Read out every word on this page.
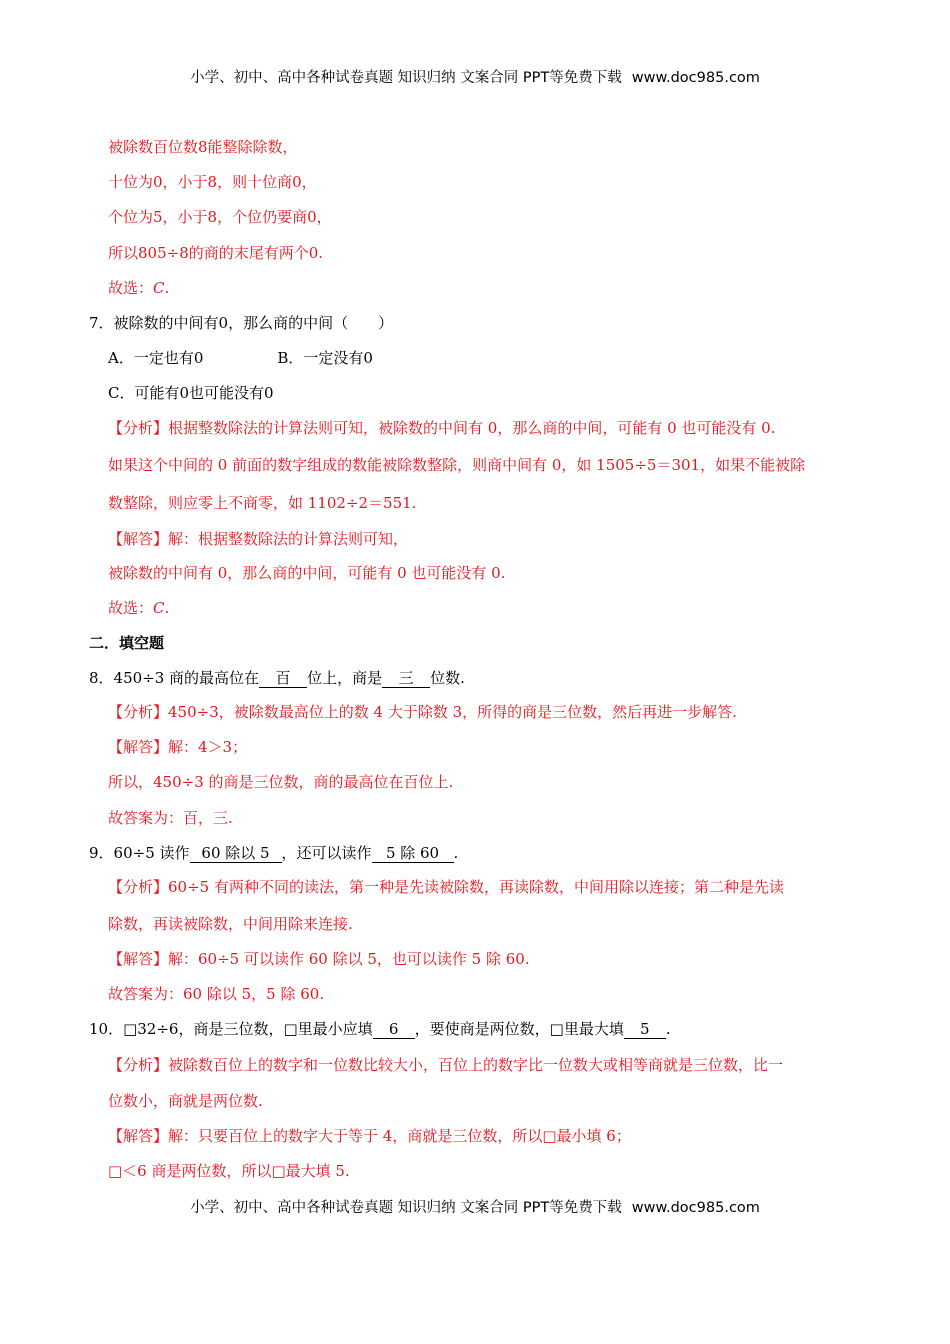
小学、初中、高中各种试卷真题 知识归纳 文案合同 PPT等免费下载 www.doc985.com
被除数百位数8能整除除数，
十位为0，小于8，则十位商0，
个位为5，小于8，个位仍要商0，
所以805÷8的商的末尾有两个0.
故选：C.
7．被除数的中间有0，那么商的中间（　　）
A．一定也有0	B．一定没有0
C．可能有0也可能没有0
【分析】根据整数除法的计算法则可知，被除数的中间有 0，那么商的中间，可能有 0 也可能没有 0.
如果这个中间的 0 前面的数字组成的数能被除数整除，则商中间有 0，如 1505÷5＝301，如果不能被除
数整除，则应零上不商零，如 1102÷2＝551.
【解答】解：根据整数除法的计算法则可知，
被除数的中间有 0，那么商的中间，可能有 0 也可能没有 0.
故选：C.
二．填空题
8．450÷3 商的最高位在 百 位上，商是 三 位数.
【分析】450÷3，被除数最高位上的数 4 大于除数 3，所得的商是三位数，然后再进一步解答.
【解答】解：4＞3；
所以，450÷3 的商是三位数，商的最高位在百位上.
故答案为：百，三.
9．60÷5 读作 60 除以 5 ，还可以读作 5 除 60 .
【分析】60÷5 有两种不同的读法，第一种是先读被除数，再读除数，中间用除以连接；第二种是先读
除数，再读被除数，中间用除来连接.
【解答】解：60÷5 可以读作 60 除以 5，也可以读作 5 除 60.
故答案为：60 除以 5，5 除 60.
10．□32÷6，商是三位数，□里最小应填 6 ，要使商是两位数，□里最大填 5 .
【分析】被除数百位上的数字和一位数比较大小，百位上的数字比一位数大或相等商就是三位数，比一
位数小，商就是两位数.
【解答】解：只要百位上的数字大于等于 4，商就是三位数，所以□最小填 6；
□＜6 商是两位数，所以□最大填 5.
小学、初中、高中各种试卷真题 知识归纳 文案合同 PPT等免费下载 www.doc985.com
